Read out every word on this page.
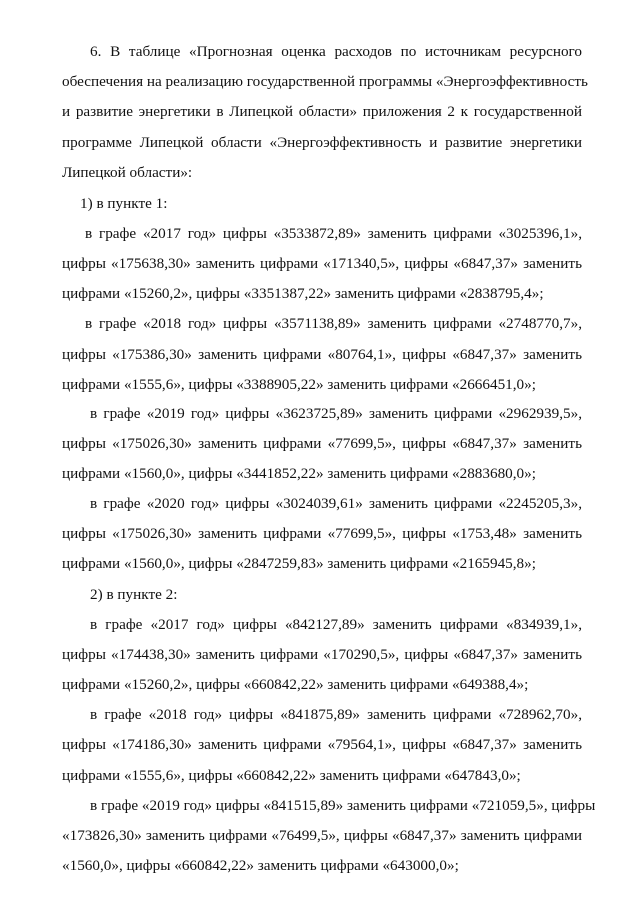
6. В таблице «Прогнозная оценка расходов по источникам ресурсного
обеспечения на реализацию государственной программы «Энергоэффективность
и развитие энергетики в Липецкой области» приложения 2 к государственной
программе Липецкой области «Энергоэффективность и развитие энергетики
Липецкой области»:
1) в пункте 1:
в графе «2017 год» цифры «3533872,89» заменить цифрами «3025396,1»,
цифры «175638,30» заменить цифрами «171340,5», цифры «6847,37» заменить
цифрами «15260,2», цифры «3351387,22» заменить цифрами «2838795,4»;
в графе «2018 год» цифры «3571138,89» заменить цифрами «2748770,7»,
цифры «175386,30» заменить цифрами «80764,1», цифры «6847,37» заменить
цифрами «1555,6», цифры «3388905,22» заменить цифрами «2666451,0»;
в графе «2019 год» цифры «3623725,89» заменить цифрами «2962939,5»,
цифры «175026,30» заменить цифрами «77699,5», цифры «6847,37» заменить
цифрами «1560,0», цифры «3441852,22» заменить цифрами «2883680,0»;
в графе «2020 год» цифры «3024039,61» заменить цифрами «2245205,3»,
цифры «175026,30» заменить цифрами «77699,5», цифры «1753,48» заменить
цифрами «1560,0», цифры «2847259,83» заменить цифрами «2165945,8»;
2) в пункте 2:
в графе «2017 год» цифры «842127,89» заменить цифрами «834939,1»,
цифры «174438,30» заменить цифрами «170290,5», цифры «6847,37» заменить
цифрами «15260,2», цифры «660842,22» заменить цифрами «649388,4»;
в графе «2018 год» цифры «841875,89» заменить цифрами «728962,70»,
цифры «174186,30» заменить цифрами «79564,1», цифры «6847,37» заменить
цифрами «1555,6», цифры «660842,22» заменить цифрами «647843,0»;
в графе «2019 год» цифры «841515,89» заменить цифрами «721059,5», цифры
«173826,30» заменить цифрами «76499,5», цифры «6847,37» заменить цифрами
«1560,0», цифры «660842,22» заменить цифрами «643000,0»;
